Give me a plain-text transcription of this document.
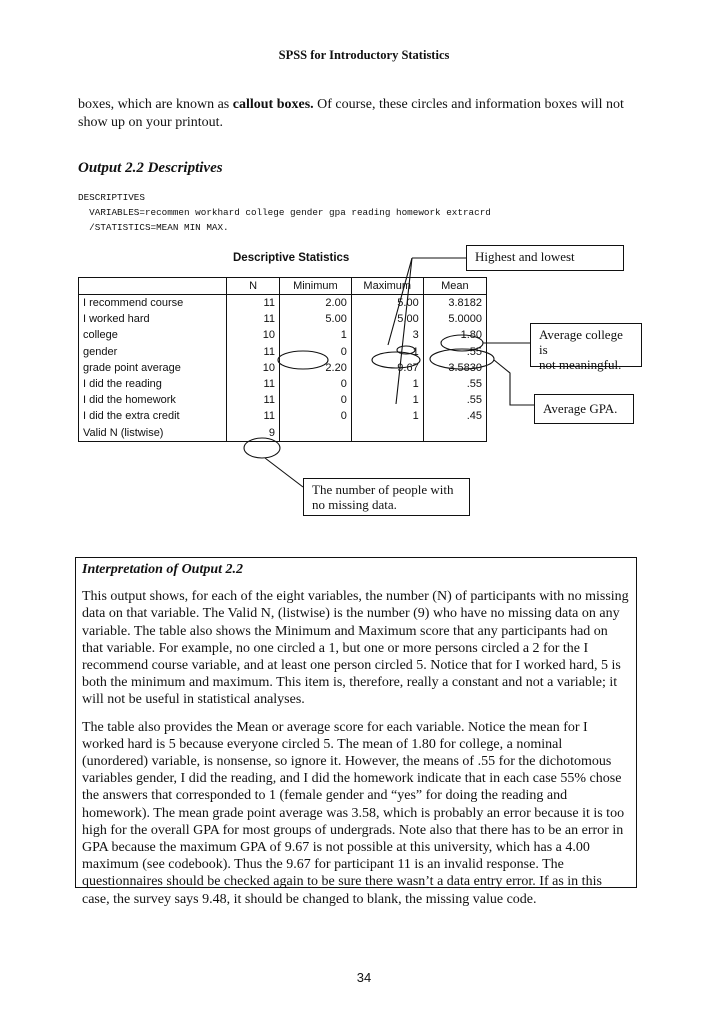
SPSS for Introductory Statistics
boxes, which are known as callout boxes. Of course, these circles and information boxes will not show up on your printout.
Output 2.2 Descriptives
DESCRIPTIVES
VARIABLES=recommen workhard college gender gpa reading homework extracrd
/STATISTICS=MEAN MIN MAX.
Descriptive Statistics
	N	Minimum	Maximum	Mean
I recommend course	11	2.00	5.00	3.8182
I worked hard	11	5.00	5.00	5.0000
college	10	1	3	1.80
gender	11	0	1	.55
grade point average	10	2.20	9.67	3.5830
I did the reading	11	0	1	.55
I did the homework	11	0	1	.55
I did the extra credit	11	0	1	.45
Valid N (listwise)	9			
Highest and lowest
Average college is
not meaningful.
Average GPA.
The number of people with
no missing data.

Interpretation of Output 2.2

This output shows, for each of the eight variables, the number (N) of participants with no missing data on that variable. The Valid N, (listwise) is the number (9) who have no missing data on any variable. The table also shows the Minimum and Maximum score that any participants had on that variable. For example, no one circled a 1, but one or more persons circled a 2 for the I recommend course variable, and at least one person circled 5. Notice that for I worked hard, 5 is both the minimum and maximum. This item is, therefore, really a constant and not a variable; it will not be useful in statistical analyses.

The table also provides the Mean or average score for each variable. Notice the mean for I worked hard is 5 because everyone circled 5. The mean of 1.80 for college, a nominal (unordered) variable, is nonsense, so ignore it. However, the means of .55 for the dichotomous variables gender, I did the reading, and I did the homework indicate that in each case 55% chose the answers that corresponded to 1 (female gender and “yes” for doing the reading and homework). The mean grade point average was 3.58, which is probably an error because it is too high for the overall GPA for most groups of undergrads. Note also that there has to be an error in GPA because the maximum GPA of 9.67 is not possible at this university, which has a 4.00 maximum (see codebook). Thus the 9.67 for participant 11 is an invalid response. The questionnaires should be checked again to be sure there wasn’t a data entry error. If as in this case, the survey says 9.48, it should be changed to blank, the missing value code.

34
